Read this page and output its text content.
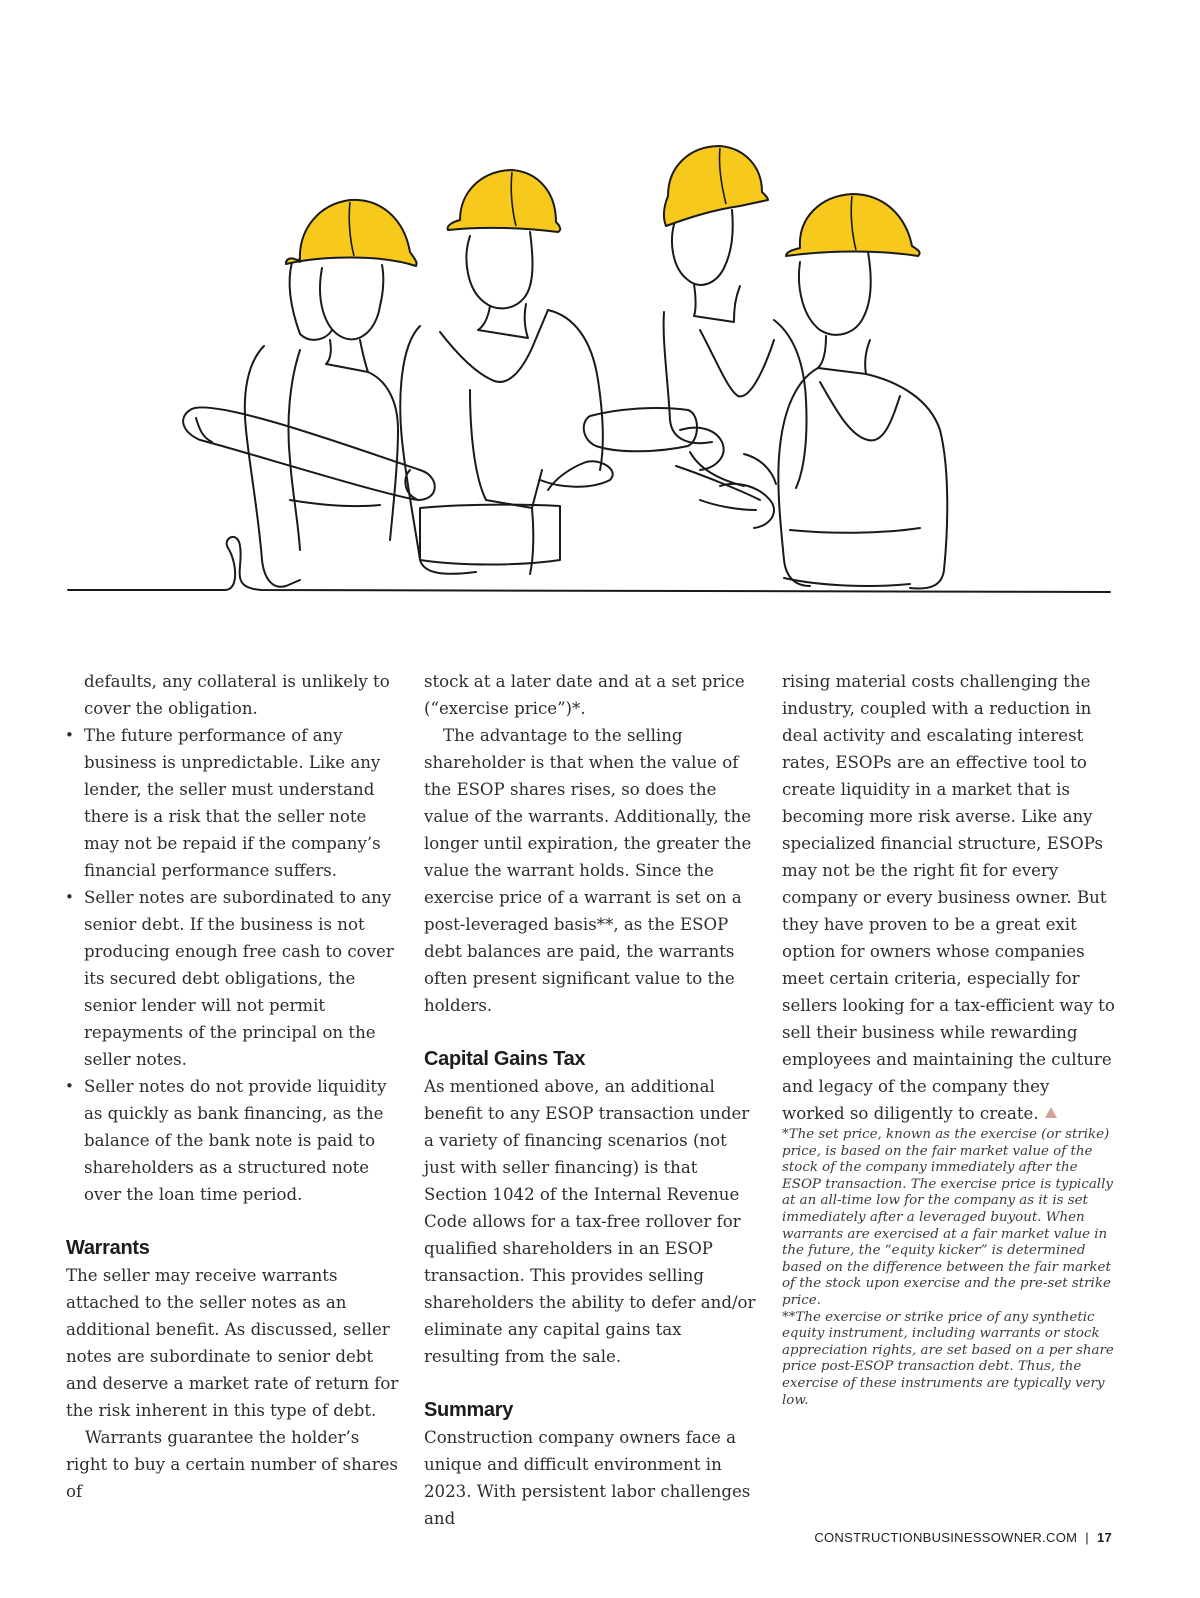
defaults, any collateral is unlikely to cover the obligation.

• The future performance of any business is unpredictable. Like any lender, the seller must understand there is a risk that the seller note may not be repaid if the company’s financial performance suffers.
• Seller notes are subordinated to any senior debt. If the business is not producing enough free cash to cover its secured debt obligations, the senior lender will not permit repayments of the principal on the seller notes.
• Seller notes do not provide liquidity as quickly as bank financing, as the balance of the bank note is paid to shareholders as a structured note over the loan time period.
Warrants

The seller may receive warrants attached to the seller notes as an additional benefit. As discussed, seller notes are subordinate to senior debt and deserve a market rate of return for the risk inherent in this type of debt.

Warrants guarantee the holder’s right to buy a certain number of shares of

stock at a later date and at a set price (“exercise price”)*.

The advantage to the selling shareholder is that when the value of the ESOP shares rises, so does the value of the warrants. Additionally, the longer until expiration, the greater the value the warrant holds. Since the exercise price of a warrant is set on a post-leveraged basis**, as the ESOP debt balances are paid, the warrants often present significant value to the holders.

Capital Gains Tax

As mentioned above, an additional benefit to any ESOP transaction under a variety of financing scenarios (not just with seller financing) is that Section 1042 of the Internal Revenue Code allows for a tax-free rollover for qualified shareholders in an ESOP transaction. This provides selling shareholders the ability to defer and/or eliminate any capital gains tax resulting from the sale.

Summary

Construction company owners face a unique and difficult environment in 2023. With persistent labor challenges and

rising material costs challenging the industry, coupled with a reduction in deal activity and escalating interest rates, ESOPs are an effective tool to create liquidity in a market that is becoming more risk averse. Like any specialized financial structure, ESOPs may not be the right fit for every company or every business owner. But they have proven to be a great exit option for owners whose companies meet certain criteria, especially for sellers looking for a tax-efficient way to sell their business while rewarding employees and maintaining the culture and legacy of the company they worked so diligently to create.

*The set price, known as the exercise (or strike) price, is based on the fair market value of the stock of the company immediately after the ESOP transaction. The exercise price is typically at an all-time low for the company as it is set immediately after a leveraged buyout. When warrants are exercised at a fair market value in the future, the “equity kicker” is determined based on the difference between the fair market of the stock upon exercise and the pre-set strike price.

**The exercise or strike price of any synthetic equity instrument, including warrants or stock appreciation rights, are set based on a per share price post-ESOP transaction debt. Thus, the exercise of these instruments are typically very low.

CONSTRUCTIONBUSINESSOWNER.COM | 17
